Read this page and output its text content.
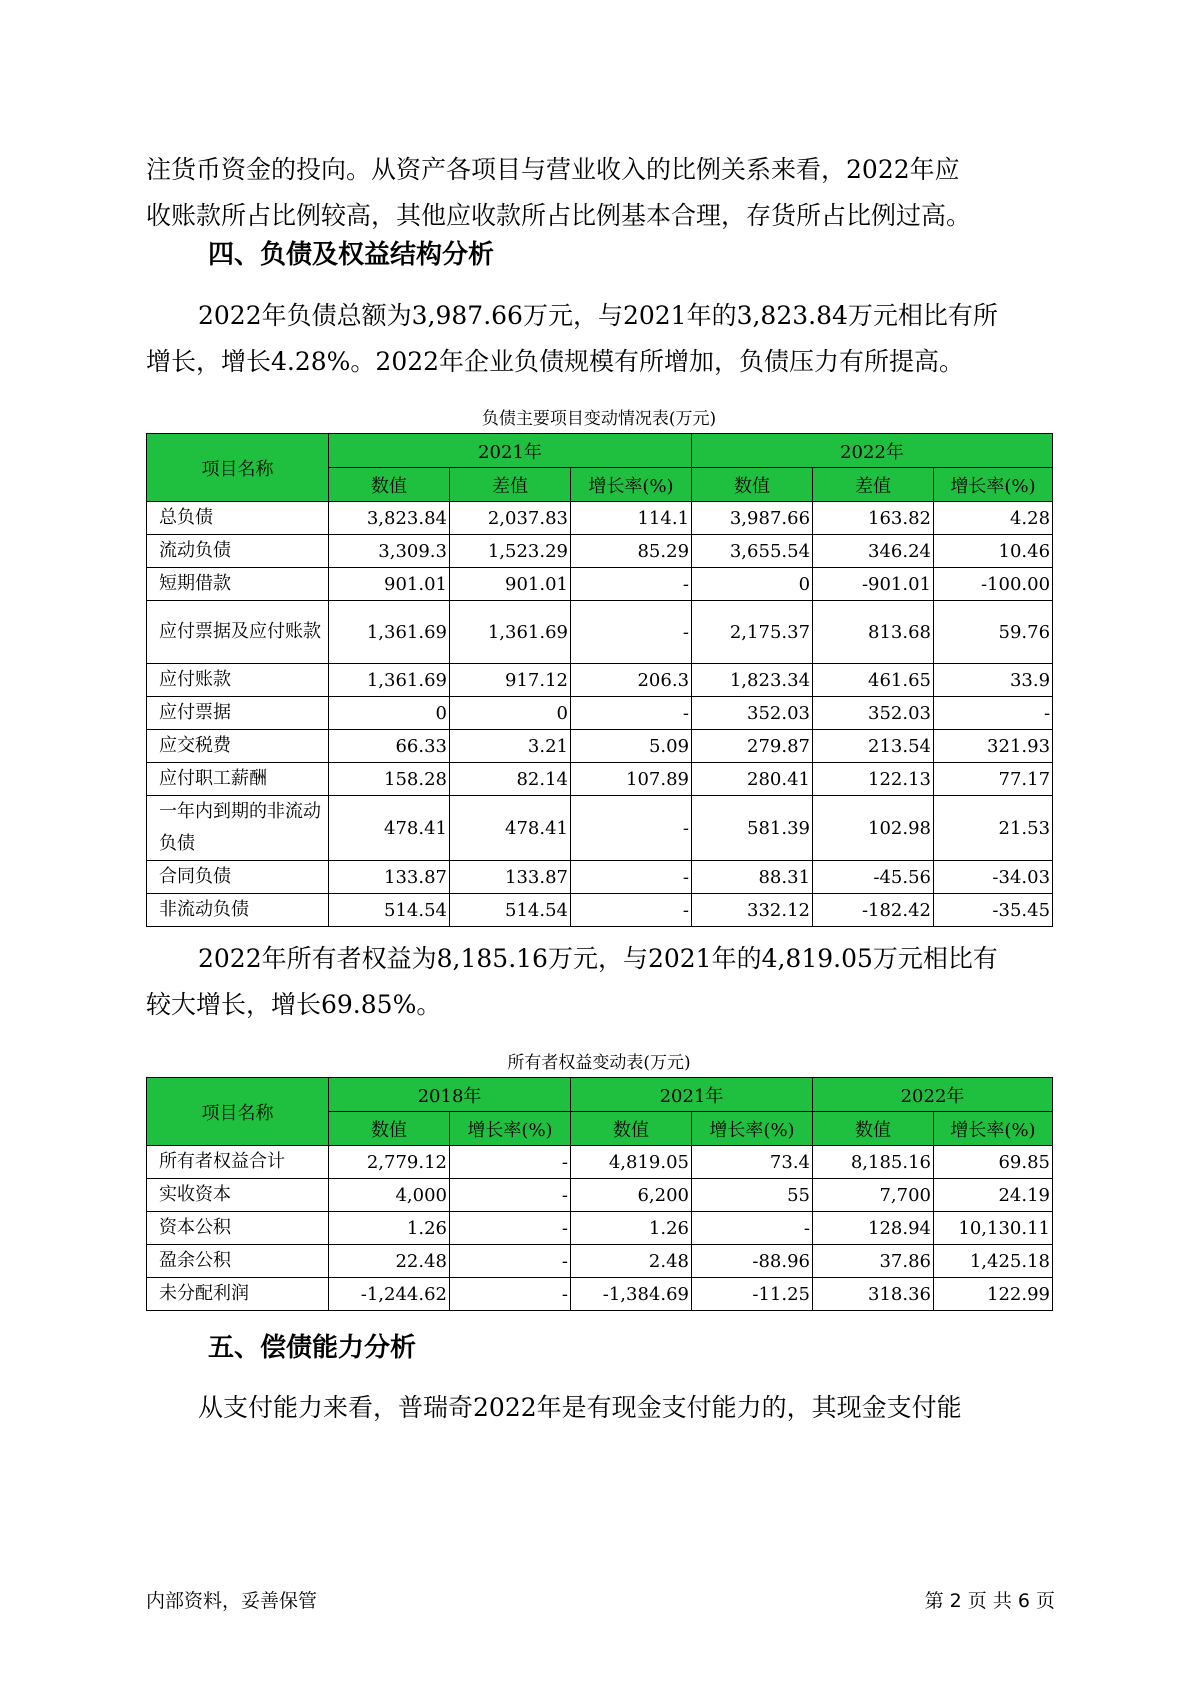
注货币资金的投向。从资产各项目与营业收入的比例关系来看，2022年应
收账款所占比例较高，其他应收款所占比例基本合理，存货所占比例过高。
四、负债及权益结构分析
2022年负债总额为3,987.66万元，与2021年的3,823.84万元相比有所
增长，增长4.28%。2022年企业负债规模有所增加，负债压力有所提高。

负债主要项目变动情况表(万元)

项目名称	2021年			2022年		
	数值	差值	增长率(%)	数值	差值	增长率(%)
总负债	3,823.84	2,037.83	114.1	3,987.66	163.82	4.28
流动负债	3,309.3	1,523.29	85.29	3,655.54	346.24	10.46
短期借款	901.01	901.01	-	0	-901.01	-100.00
应付票据及应付账款	1,361.69	1,361.69	-	2,175.37	813.68	59.76
应付账款	1,361.69	917.12	206.3	1,823.34	461.65	33.9
应付票据	0	0	-	352.03	352.03	-
应交税费	66.33	3.21	5.09	279.87	213.54	321.93
应付职工薪酬	158.28	82.14	107.89	280.41	122.13	77.17
一年内到期的非流动负债	478.41	478.41	-	581.39	102.98	21.53
合同负债	133.87	133.87	-	88.31	-45.56	-34.03
非流动负债	514.54	514.54	-	332.12	-182.42	-35.45
2022年所有者权益为8,185.16万元，与2021年的4,819.05万元相比有
较大增长，增长69.85%。

所有者权益变动表(万元)

项目名称	2018年		2021年		2022年	
	数值	增长率(%)	数值	增长率(%)	数值	增长率(%)
所有者权益合计	2,779.12	-	4,819.05	73.4	8,185.16	69.85
实收资本	4,000	-	6,200	55	7,700	24.19
资本公积	1.26	-	1.26	-	128.94	10,130.11
盈余公积	22.48	-	2.48	-88.96	37.86	1,425.18
未分配利润	-1,244.62	-	-1,384.69	-11.25	318.36	122.99
五、偿债能力分析
从支付能力来看，普瑞奇2022年是有现金支付能力的，其现金支付能
内部资料，妥善保管	第 2 页 共 6 页
